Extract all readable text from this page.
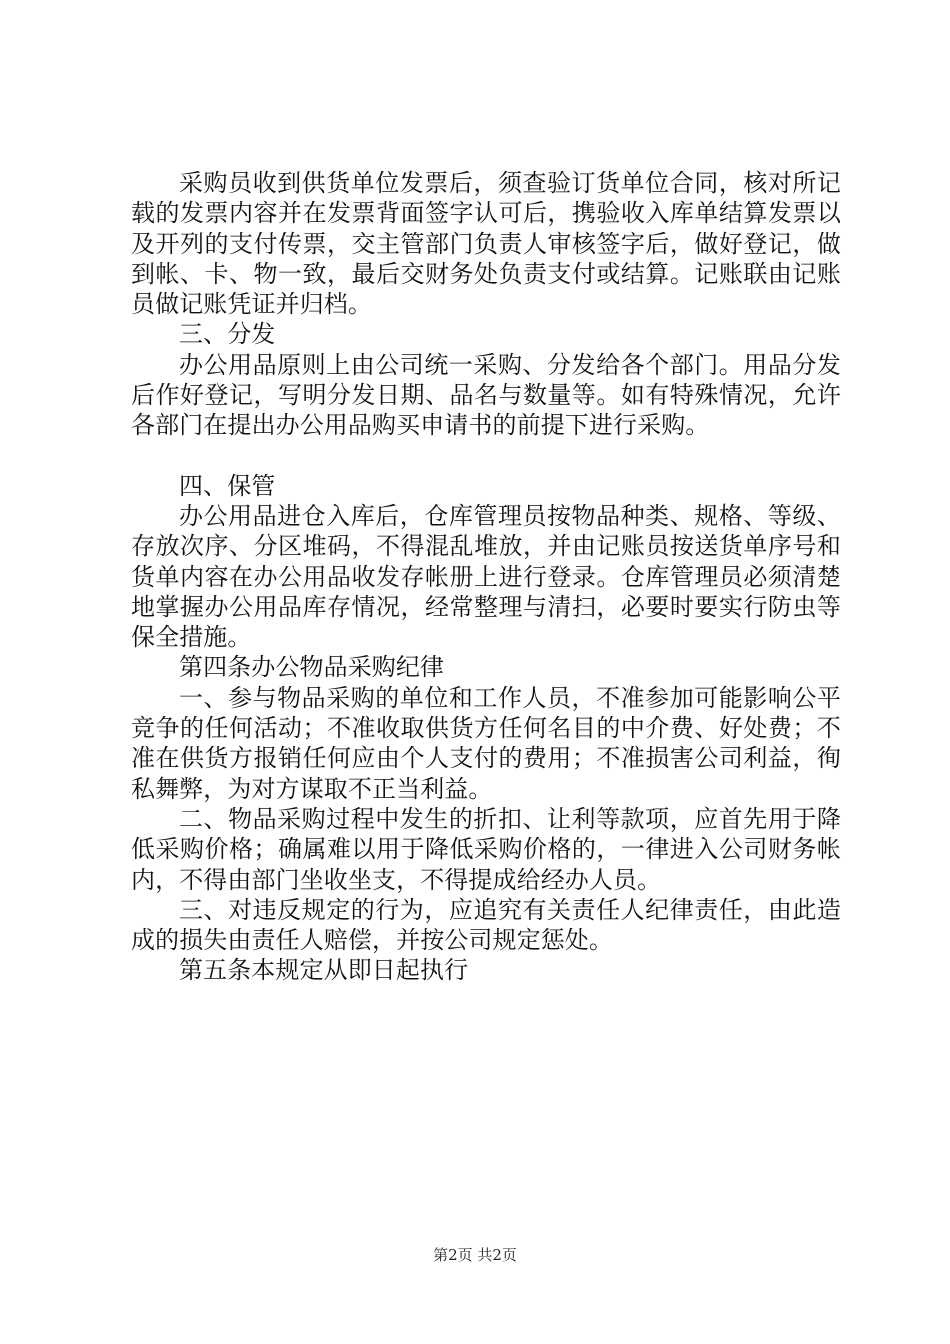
采购员收到供货单位发票后，须查验订货单位合同，核对所记载的发票内容并在发票背面签字认可后，携验收入库单结算发票以及开列的支付传票，交主管部门负责人审核签字后，做好登记，做到帐、卡、物一致，最后交财务处负责支付或结算。记账联由记账员做记账凭证并归档。

三、分发

办公用品原则上由公司统一采购、分发给各个部门。用品分发后作好登记，写明分发日期、品名与数量等。如有特殊情况，允许各部门在提出办公用品购买申请书的前提下进行采购。

四、保管

办公用品进仓入库后，仓库管理员按物品种类、规格、等级、存放次序、分区堆码，不得混乱堆放，并由记账员按送货单序号和货单内容在办公用品收发存帐册上进行登录。仓库管理员必须清楚地掌握办公用品库存情况，经常整理与清扫，必要时要实行防虫等保全措施。

第四条办公物品采购纪律

一、参与物品采购的单位和工作人员，不准参加可能影响公平竞争的任何活动；不准收取供货方任何名目的中介费、好处费；不准在供货方报销任何应由个人支付的费用；不准损害公司利益，徇私舞弊，为对方谋取不正当利益。

二、物品采购过程中发生的折扣、让利等款项，应首先用于降低采购价格；确属难以用于降低采购价格的，一律进入公司财务帐内，不得由部门坐收坐支，不得提成给经办人员。

三、对违反规定的行为，应追究有关责任人纪律责任，由此造成的损失由责任人赔偿，并按公司规定惩处。

第五条本规定从即日起执行

第2页 共2页
